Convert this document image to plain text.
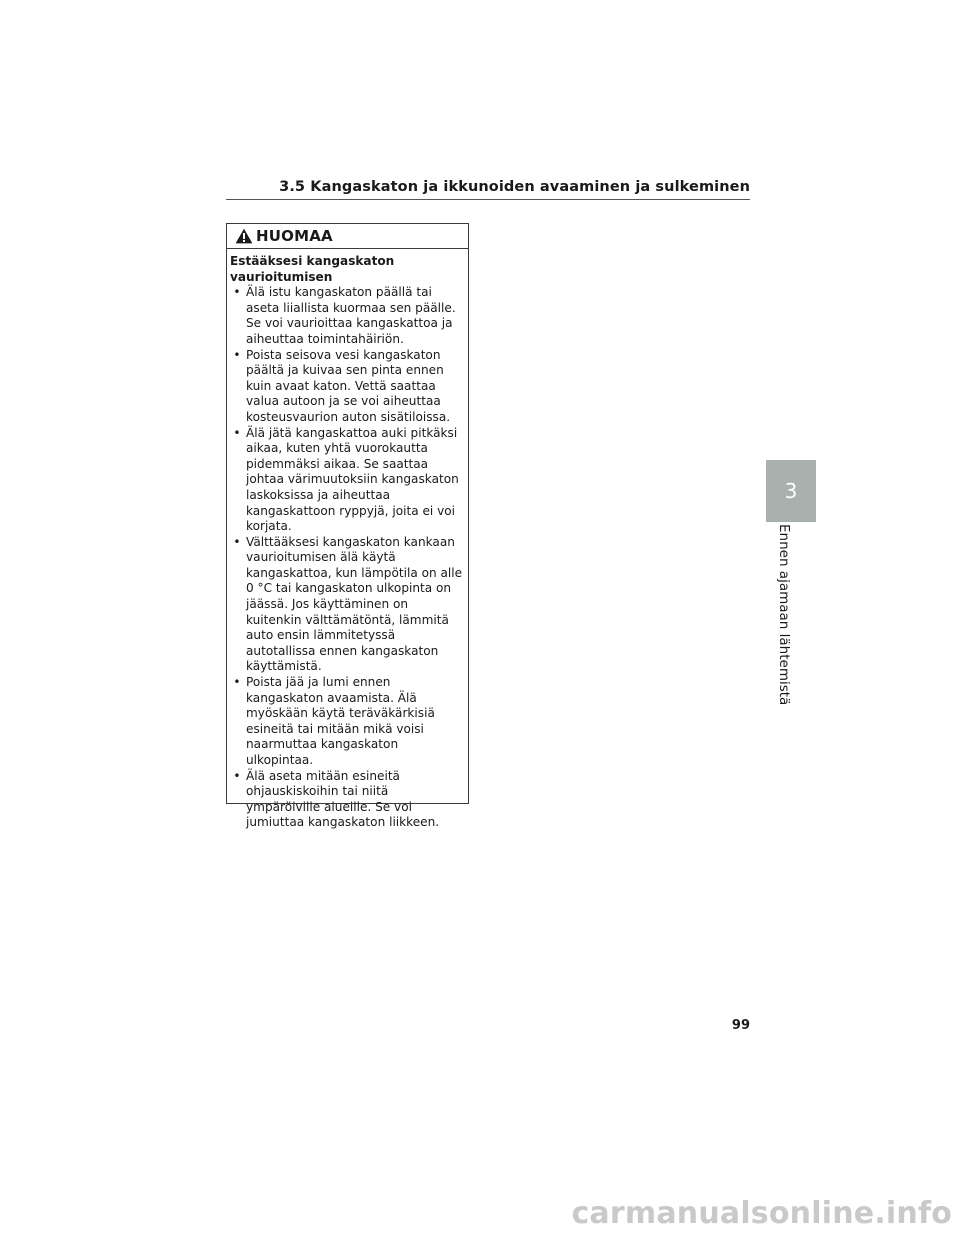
3.5 Kangaskaton ja ikkunoiden avaaminen ja sulkeminen
HUOMAA
Estääksesi kangaskaton vaurioitumisen
• Älä istu kangaskaton päällä tai aseta liiallista kuormaa sen päälle. Se voi vaurioittaa kangaskattoa ja aiheuttaa toimintahäiriön.
• Poista seisova vesi kangaskaton päältä ja kuivaa sen pinta ennen kuin avaat katon. Vettä saattaa valua autoon ja se voi aiheuttaa kosteusvaurion auton sisätiloissa.
• Älä jätä kangaskattoa auki pitkäksi aikaa, kuten yhtä vuorokautta pidemmäksi aikaa. Se saattaa johtaa värimuutoksiin kangaskaton laskoksissa ja aiheuttaa kangaskattoon ryppyjä, joita ei voi korjata.
• Välttääksesi kangaskaton kankaan vaurioitumisen älä käytä kangaskattoa, kun lämpötila on alle 0 °C tai kangaskaton ulkopinta on jäässä. Jos käyttäminen on kuitenkin välttämätöntä, lämmitä auto ensin lämmitetyssä autotallissa ennen kangaskaton käyttämistä.
• Poista jää ja lumi ennen kangaskaton avaamista. Älä myöskään käytä teräväkärkisiä esineitä tai mitään mikä voisi naarmuttaa kangaskaton ulkopintaa.
• Älä aseta mitään esineitä ohjauskiskoihin tai niitä ympäröiville alueille. Se voi jumiuttaa kangaskaton liikkeen.
3
Ennen ajamaan lähtemistä
99
carmanualsonline.info
